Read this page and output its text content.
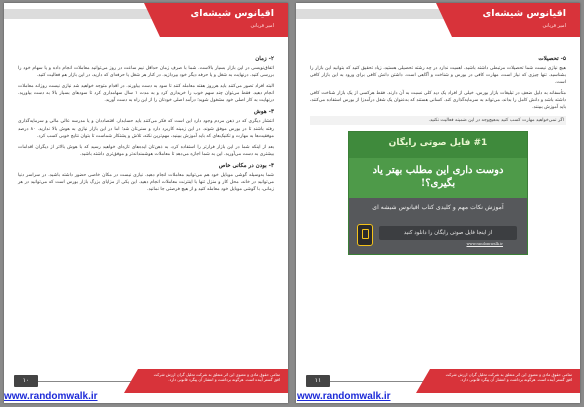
اقیانوس شیشه‌ای
امیر قربانی
۲- زمان

اتفاق‌نویسی در این بازار بسیار بالاست. شما با صرف زمان حداقل نیم ساعت در روز می‌توانید معاملات انجام داده و یا سهام خود را بررسی کنید. درنهایت به شغل و یا حرفه دیگر خود بپردازید. در کنار هر شغل یا حرفه‌ای که دارید، در این بازار هم فعالیت کنید.

البته افراد تصور می‌کنند باید هرروز هفته معامله کنند تا سود به دست بیاورند. در اقدام متوجه خواهید شد نیازی نیست روزانه معاملات انجام دهید. فقط می‌توان چند سهم خوب را خریداری کرد و به مدت ۱ سال سهامداری کرد تا سودهای بسیار بالا به دست بیاورید. درنهایت به کار اصلی خود مشغول شوید؛ درآمد اصلی خودتان را از این راه به دست آورید.

۳- هوش

انتشار دیگری که در ذهن مردم وجود دارد این است که فکر می‌کنند باید حسابدار، اقتصاددان و یا مدرسه عالی مالی و سرمایه‌گذاری رفته باشند تا در بورس موفق شوند. در این زمینه کاربرد دارد و سنی‌تان شد؛ اما در این بازار نیازی به هوش بالا ندارید. ۸۰ درصد موفقیت‌ها به مهارت و تکنیک‌های که باید آموزش ببینید، مهم‌ترین نکته، تلاش و پشتکار شماست تا بتوان نتایج خوبی کسب کرد.

بعد از اینکه شما در این بازار فرارتر را استفاده کرد، به ذهن‌تان ایده‌های تازه‌ای خواهید رسید که با هوش بالاتر از دیگران اقدامات بیشتری به دست می‌آورید. این به شما اجازه می‌دهد تا معاملات هوشمندانه‌تر و موفق‌تری داشته باشید.

۴- بودن در مکانی خاص

شما به‌وسیله گوشی موبایل خود هم می‌توانید معاملات انجام دهید. نیازی نیست در مکان خاصی حضور داشته باشید. در سراسر دنیا می‌توانید در خانه، محل کار و منزل تنها با اینترنت معاملات انجام دهید. این یکی از مزایای بزرگ بازار بورس است که می‌توانید در هر زمانی، با گوشی موبایل خود معامله کنید و از هیچ فرصتی جا نمانید.

تمامی حقوق مادی و معنوی این اثر متعلق به شرکت تحلیل گران ارزش شرکت افق گستر آینده است. هرگونه برداشت و انتشار آن پیگرد قانونی دارد.
۱۰
اقیانوس شیشه‌ای
امیر قربانی
۵- تحصیلات

هیچ نیازی نیست شما تحصیلات مرتبطی داشته باشید. اهمیت ندارد در چه رشته تحصیلی هستید، زیاد تحقیق کنید که بتوانید این بازار را بشناسید. تنها چیزی که نیاز است، مهارت کافی در بورس و شناخت و آگاهی است. داشتن دانش کافی برای ورود به این بازار کافی است.

متأسفانه به دلیل ضعف در تبلیغات بازار بورس، خیلی از افراد یک دید کلی نسبت به آن دارند. فقط هرکسی از یک بازار شناخت کافی داشته باشد و دانش کامل را بداند، می‌تواند به سرمایه‌گذاری کند. کسانی هستند که به‌عنوان یک شغل درآمدزا از بورس استفاده می‌کنند، باید آموزش ببینند.

اگر نمی‌خواهید مهارت کسب کنید به‌هیچ‌وجه در این ضمینه فعالیت نکنید.

#1 فایل صوتی رایگان
دوست داری این مطلب بهتر یاد بگیری؟!
آموزش نکات مهم و کلیدی کتاب اقیانوس شیشه ای
از اینجا فایل صوتی رایگان را دانلود کنید
www.randomwalk.ir
تمامی حقوق مادی و معنوی این اثر متعلق به شرکت تحلیل گران ارزش شرکت افق گستر آینده است. هرگونه برداشت و انتشار آن پیگرد قانونی دارد.
۱۱
www.randomwalk.ir	www.randomwalk.ir
